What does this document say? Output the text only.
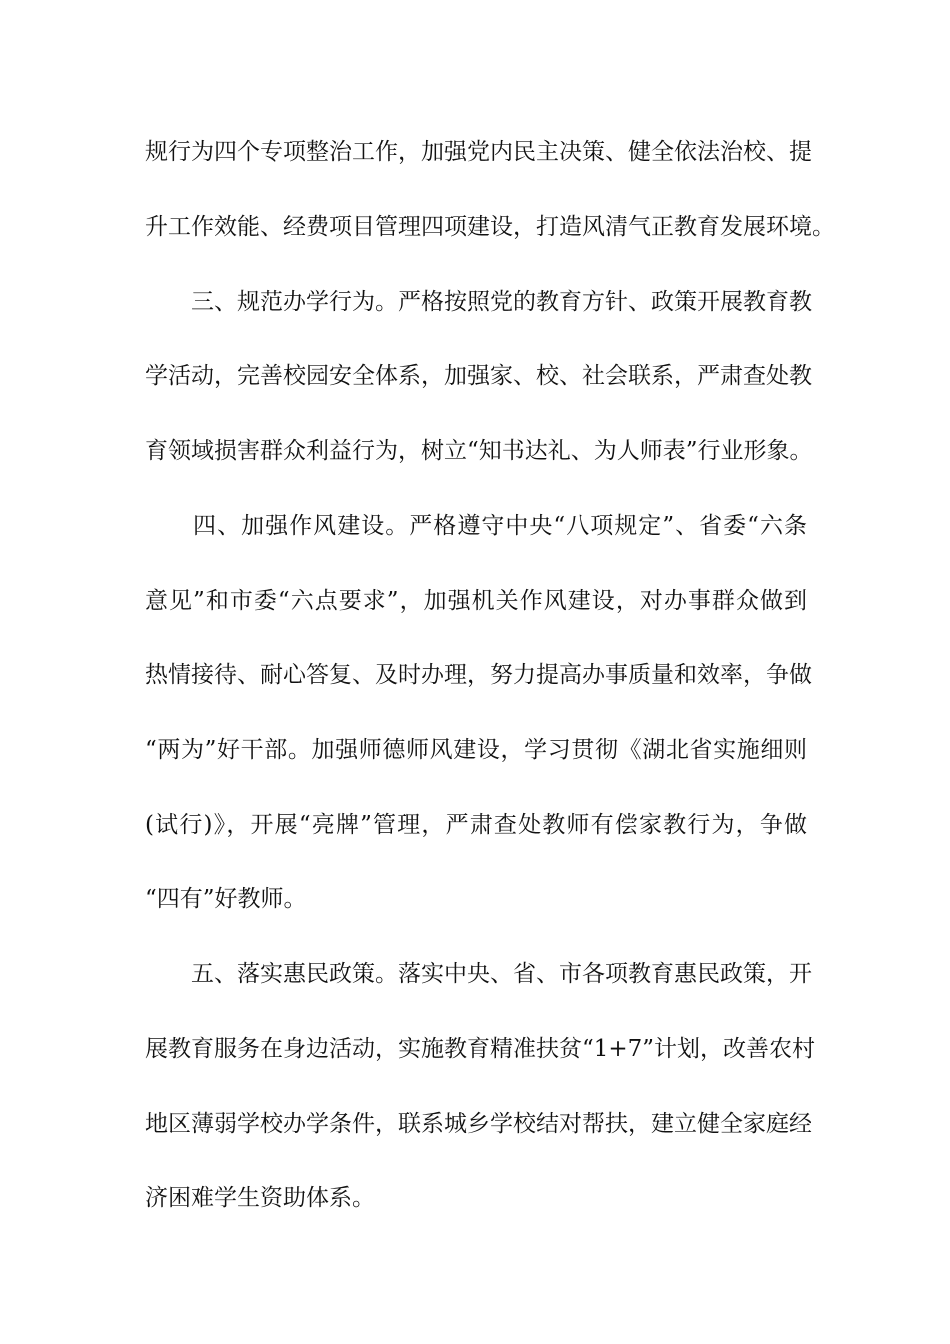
规行为四个专项整治工作，加强党内民主决策、健全依法治校、提
升工作效能、经费项目管理四项建设，打造风清气正教育发展环境。
　　三、规范办学行为。严格按照党的教育方针、政策开展教育教
学活动，完善校园安全体系，加强家、校、社会联系，严肃查处教
育领域损害群众利益行为，树立“知书达礼、为人师表”行业形象。
　　四、加强作风建设。严格遵守中央“八项规定”、省委“六条
意见”和市委“六点要求”，加强机关作风建设，对办事群众做到
热情接待、耐心答复、及时办理，努力提高办事质量和效率，争做
“两为”好干部。加强师德师风建设，学习贯彻《湖北省实施细则
(试行)》，开展“亮牌”管理，严肃查处教师有偿家教行为，争做
“四有”好教师。
　　五、落实惠民政策。落实中央、省、市各项教育惠民政策，开
展教育服务在身边活动，实施教育精准扶贫“1+7”计划，改善农村
地区薄弱学校办学条件，联系城乡学校结对帮扶，建立健全家庭经
济困难学生资助体系。
